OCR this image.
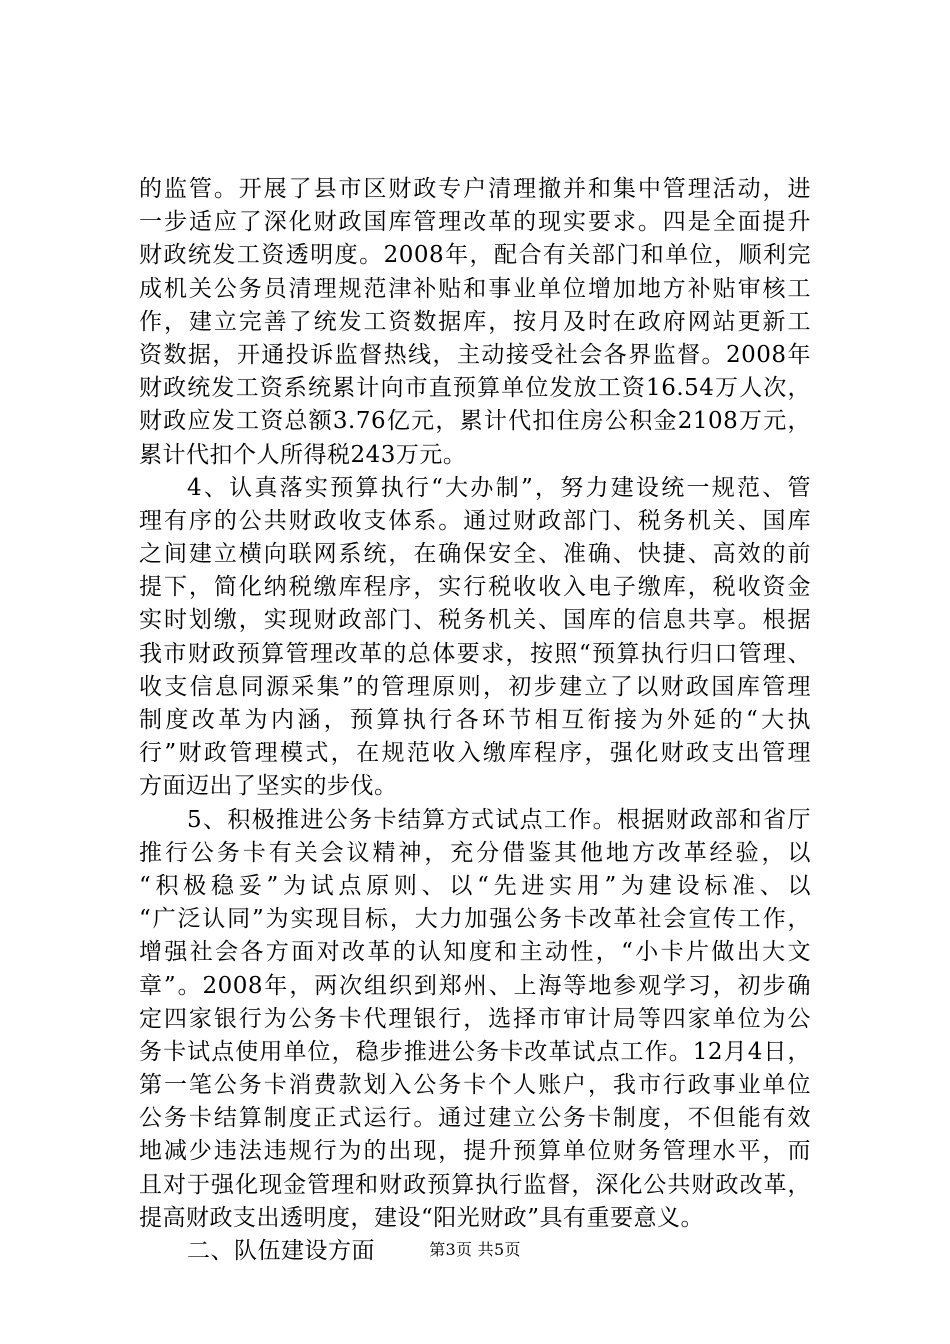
的监管。开展了县市区财政专户清理撤并和集中管理活动，进
一步适应了深化财政国库管理改革的现实要求。四是全面提升
财政统发工资透明度。2008年，配合有关部门和单位，顺利完
成机关公务员清理规范津补贴和事业单位增加地方补贴审核工
作，建立完善了统发工资数据库，按月及时在政府网站更新工
资数据，开通投诉监督热线，主动接受社会各界监督。2008年
财政统发工资系统累计向市直预算单位发放工资16.54万人次，
财政应发工资总额3.76亿元，累计代扣住房公积金2108万元，
累计代扣个人所得税243万元。
4、认真落实预算执行“大办制”，努力建设统一规范、管
理有序的公共财政收支体系。通过财政部门、税务机关、国库
之间建立横向联网系统，在确保安全、准确、快捷、高效的前
提下，简化纳税缴库程序，实行税收收入电子缴库，税收资金
实时划缴，实现财政部门、税务机关、国库的信息共享。根据
我市财政预算管理改革的总体要求，按照“预算执行归口管理、
收支信息同源采集”的管理原则，初步建立了以财政国库管理
制度改革为内涵，预算执行各环节相互衔接为外延的“大执
行”财政管理模式，在规范收入缴库程序，强化财政支出管理
方面迈出了坚实的步伐。
5、积极推进公务卡结算方式试点工作。根据财政部和省厅
推行公务卡有关会议精神，充分借鉴其他地方改革经验，以
“积极稳妥”为试点原则、以“先进实用”为建设标准、以
“广泛认同”为实现目标，大力加强公务卡改革社会宣传工作，
增强社会各方面对改革的认知度和主动性，“小卡片做出大文
章”。2008年，两次组织到郑州、上海等地参观学习，初步确
定四家银行为公务卡代理银行，选择市审计局等四家单位为公
务卡试点使用单位，稳步推进公务卡改革试点工作。12月4日，
第一笔公务卡消费款划入公务卡个人账户，我市行政事业单位
公务卡结算制度正式运行。通过建立公务卡制度，不但能有效
地减少违法违规行为的出现，提升预算单位财务管理水平，而
且对于强化现金管理和财政预算执行监督，深化公共财政改革，
提高财政支出透明度，建设“阳光财政”具有重要意义。
二、队伍建设方面	第3页 共5页
